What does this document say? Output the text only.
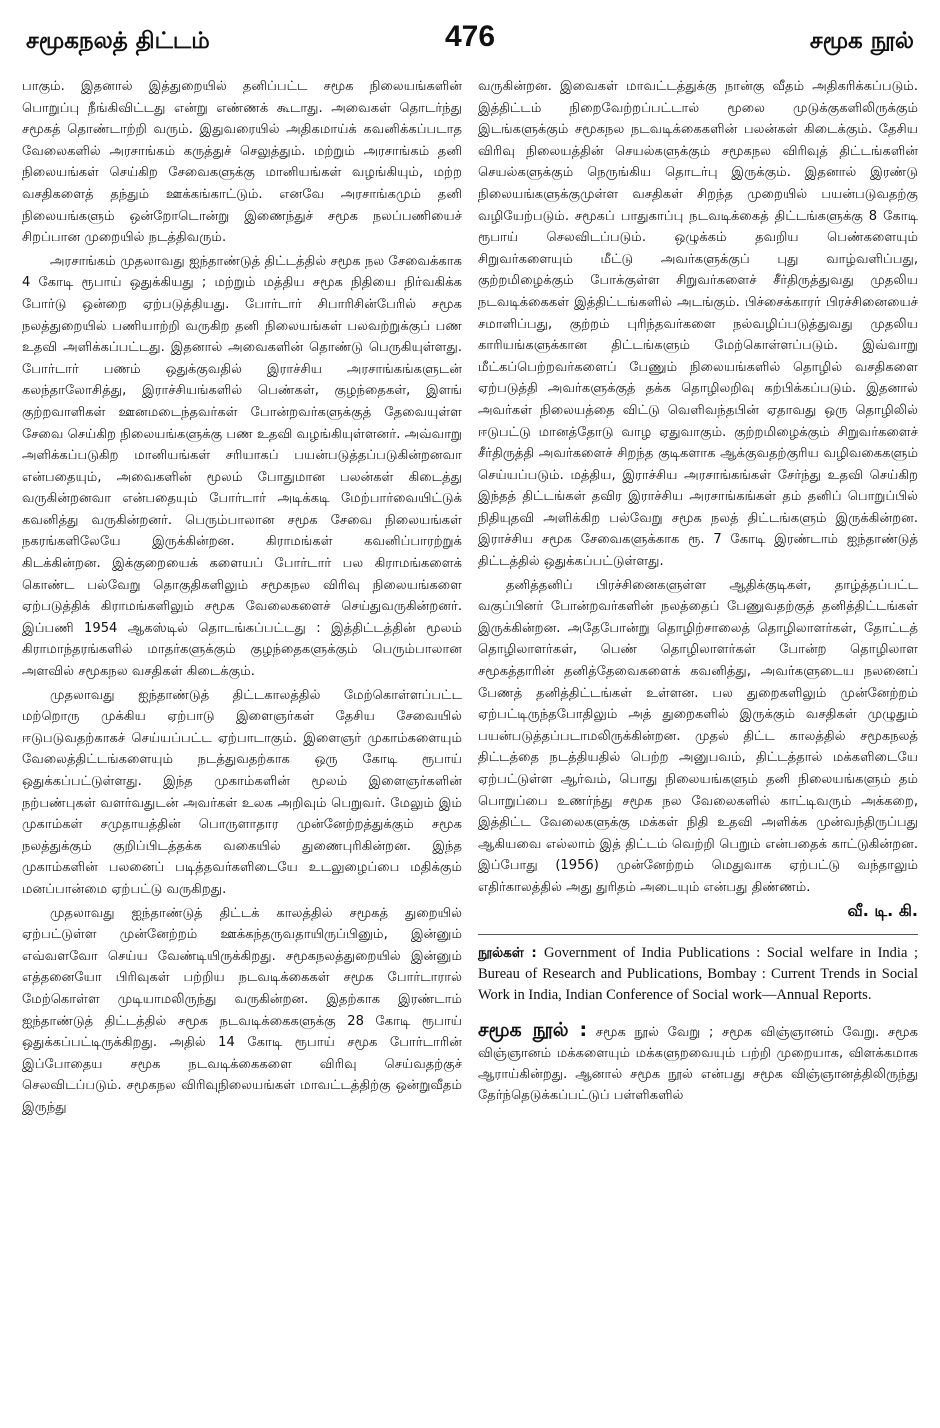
சமூகநலத் திட்டம்	476	சமூக நூல்

பாகும். இதனால் இத்துறையில் தனிப்பட்ட சமூக நிலையங்களின் பொறுப்பு நீங்கிவிட்டது என்று எண்ணக் கூடாது. அவைகள் தொடர்ந்து சமூகத் தொண்டாற்றி வரும். இதுவரையில் அதிகமாய்க் கவனிக்கப்படாத வேலைகளில் அரசாங்கம் கருத்துச் செலுத்தும். மற்றும் அரசாங்கம் தனி நிலையங்கள் செய்கிற சேவைகளுக்கு மானியங்கள் வழங்கியும், மற்ற வசதிகளைத் தந்தும் ஊக்கங்காட்டும். எனவே அரசாங்கமும் தனி நிலையங்களும் ஒன்றோடொன்று இணைந்துச் சமூக நலப்பணியைச் சிறப்பான முறையில் நடத்திவரும்.

அரசாங்கம் முதலாவது ஐந்தாண்டுத் திட்டத்தில் சமூக நல சேவைக்காக 4 கோடி ரூபாய் ஒதுக்கியது ; மற்றும் மத்திய சமூக நிதியை நிர்வகிக்க போர்டு ஒன்றை ஏற்படுத்தியது. போர்டார் சிபாரிசின்பேரில் சமூக நலத்துறையில் பணியாற்றி வருகிற தனி நிலையங்கள் பலவற்றுக்குப் பண உதவி அளிக்கப்பட்டது. இதனால் அவைகளின் தொண்டு பெருகியுள்ளது. போர்டார் பணம் ஒதுக்குவதில் இராச்சிய அரசாங்கங்களுடன் கலந்தாலோசித்து, இராச்சியங்களில் பெண்கள், குழந்தைகள், இளங் குற்றவாளிகள் ஊனமடைந்தவர்கள் போன்றவர்களுக்குத் தேவையுள்ள சேவை செய்கிற நிலையங்களுக்கு பண உதவி வழங்கியுள்ளனர். அவ்வாறு அளிக்கப்படுகிற மானியங்கள் சரியாகப் பயன்படுத்தப்படுகின்றனவா என்பதையும், அவைகளின் மூலம் போதுமான பலன்கள் கிடைத்து வருகின்றனவா என்பதையும் போர்டார் அடிக்கடி மேற்பார்வையிட்டுக் கவனித்து வருகின்றனர். பெரும்பாலான சமூக சேவை நிலையங்கள் நகரங்களிலேயே இருக்கின்றன. கிராமங்கள் கவனிப்பாரற்றுக் கிடக்கின்றன. இக்குறையைக் களையப் போர்டார் பல கிராமங்களைக் கொண்ட பல்வேறு தொகுதிகளிலும் சமூகநல விரிவு நிலையங்களை ஏற்படுத்திக் கிராமங்களிலும் சமூக வேலைகளைச் செய்துவருகின்றனர். இப்பணி 1954 ஆகஸ்டில் தொடங்கப்பட்டது : இத்திட்டத்தின் மூலம் கிராமாந்தரங்களில் மாதர்களுக்கும் குழந்தைகளுக்கும் பெரும்பாலான அளவில் சமூகநல வசதிகள் கிடைக்கும்.

முதலாவது ஐந்தாண்டுத் திட்டகாலத்தில் மேற்கொள்ளப்பட்ட மற்றொரு முக்கிய ஏற்பாடு இளைஞர்கள் தேசிய சேவையில் ஈடுபடுவதற்காகச் செய்யப்பட்ட ஏற்பாடாகும். இளைஞர் முகாம்களையும் வேலைத்திட்டங்களையும் நடத்துவதற்காக ஒரு கோடி ரூபாய் ஒதுக்கப்பட்டுள்ளது. இந்த முகாம்களின் மூலம் இளைஞர்களின் நற்பண்புகள் வளர்வதுடன் அவர்கள் உலக அறிவும் பெறுவர். மேலும் இம் முகாம்கள் சமுதாயத்தின் பொருளாதார முன்னேற்றத்துக்கும் சமூக நலத்துக்கும் குறிப்பிடத்தக்க வகையில் துணைபுரிகின்றன. இந்த முகாம்களின் பலனைப் படித்தவர்களிடையே உடலுழைப்பை மதிக்கும் மனப்பான்மை ஏற்பட்டு வருகிறது.

முதலாவது ஐந்தாண்டுத் திட்டக் காலத்தில் சமூகத் துறையில் ஏற்பட்டுள்ள முன்னேற்றம் ஊக்கந்தருவதாயிருப்பினும், இன்னும் எவ்வளவோ செய்ய வேண்டியிருக்கிறது. சமூகநலத்துறையில் இன்னும் எத்தனையோ பிரிவுகள் பற்றிய நடவடிக்கைகள் சமூக போர்டாரால் மேற்கொள்ள முடியாமலிருந்து வருகின்றன. இதற்காக இரண்டாம் ஐந்தாண்டுத் திட்டத்தில் சமூக நடவடிக்கைகளுக்கு 28 கோடி ரூபாய் ஒதுக்கப்பட்டிருக்கிறது. அதில் 14 கோடி ரூபாய் சமூக போர்டாரின் இப்போதைய சமூக நடவடிக்கைகளை விரிவு செய்வதற்குச் செலவிடப்படும். சமூகநல விரிவுநிலையங்கள் மாவட்டத்திற்கு ஒன்றுவீதம் இருந்து

வருகின்றன. இவைகள் மாவட்டத்துக்கு நான்கு வீதம் அதிகரிக்கப்படும். இத்திட்டம் நிறைவேற்றப்பட்டால் மூலை முடுக்குகளிலிருக்கும் இடங்களுக்கும் சமூகநல நடவடிக்கைகளின் பலன்கள் கிடைக்கும். தேசிய விரிவு நிலையத்தின் செயல்களுக்கும் சமூகநல விரிவுத் திட்டங்களின் செயல்களுக்கும் நெருங்கிய தொடர்பு இருக்கும். இதனால் இரண்டு நிலையங்களுக்குமுள்ள வசதிகள் சிறந்த முறையில் பயன்படுவதற்கு வழியேற்படும். சமூகப் பாதுகாப்பு நடவடிக்கைத் திட்டங்களுக்கு 8 கோடி ரூபாய் செலவிடப்படும். ஒழுக்கம் தவறிய பெண்களையும் சிறுவர்களையும் மீட்டு அவர்களுக்குப் புது வாழ்வளிப்பது, குற்றமிழைக்கும் போக்குள்ள சிறுவர்களைச் சீர்திருத்துவது முதலிய நடவடிக்கைகள் இத்திட்டங்களில் அடங்கும். பிச்சைக்காரர் பிரச்சினையைச் சமாளிப்பது, குற்றம் புரிந்தவர்களை நல்வழிப்படுத்துவது முதலிய காரியங்களுக்கான திட்டங்களும் மேற்கொள்ளப்படும். இவ்வாறு மீட்கப்பெற்றவர்களைப் பேணும் நிலையங்களில் தொழில் வசதிகளை ஏற்படுத்தி அவர்களுக்குத் தக்க தொழிலறிவு கற்பிக்கப்படும். இதனால் அவர்கள் நிலையத்தை விட்டு வெளிவந்தபின் ஏதாவது ஒரு தொழிலில் ஈடுபட்டு மானத்தோடு வாழ ஏதுவாகும். குற்றமிழைக்கும் சிறுவர்களைச் சீர்திருத்தி அவர்களைச் சிறந்த குடிகளாக ஆக்குவதற்குரிய வழிவகைகளும் செய்யப்படும். மத்திய, இராச்சிய அரசாங்கங்கள் சேர்ந்து உதவி செய்கிற இந்தத் திட்டங்கள் தவிர இராச்சிய அரசாங்கங்கள் தம் தனிப் பொறுப்பில் நிதியுதவி அளிக்கிற பல்வேறு சமூக நலத் திட்டங்களும் இருக்கின்றன. இராச்சிய சமூக சேவைகளுக்காக ரூ. 7 கோடி இரண்டாம் ஐந்தாண்டுத் திட்டத்தில் ஒதுக்கப்பட்டுள்ளது.

தனித்தனிப் பிரச்சினைகளுள்ள ஆதிக்குடிகள், தாழ்த்தப்பட்ட வகுப்பினர் போன்றவர்களின் நலத்தைப் பேணுவதற்குத் தனித்திட்டங்கள் இருக்கின்றன. அதேபோன்று தொழிற்சாலைத் தொழிலாளர்கள், தோட்டத் தொழிலாளர்கள், பெண் தொழிலாளர்கள் போன்ற தொழிலாள சமூகத்தாரின் தனித்தேவைகளைக் கவனித்து, அவர்களுடைய நலனைப் பேணத் தனித்திட்டங்கள் உள்ளன. பல துறைகளிலும் முன்னேற்றம் ஏற்பட்டிருந்தபோதிலும் அத் துறைகளில் இருக்கும் வசதிகள் முழுதும் பயன்படுத்தப்படாமலிருக்கின்றன. முதல் திட்ட காலத்தில் சமூகநலத் திட்டத்தை நடத்தியதில் பெற்ற அனுபவம், திட்டத்தால் மக்களிடையே ஏற்பட்டுள்ள ஆர்வம், பொது நிலையங்களும் தனி நிலையங்களும் தம் பொறுப்பை உணர்ந்து சமூக நல வேலைகளில் காட்டிவரும் அக்கறை, இத்திட்ட வேலைகளுக்கு மக்கள் நிதி உதவி அளிக்க முன்வந்திருப்பது ஆகியவை எல்லாம் இத் திட்டம் வெற்றி பெறும் என்பதைக் காட்டுகின்றன. இப்போது (1956) முன்னேற்றம் மெதுவாக ஏற்பட்டு வந்தாலும் எதிர்காலத்தில் அது துரிதம் அடையும் என்பது திண்ணம்.

வீ. டி. கி.
நூல்கள் : Government of India Publications : Social welfare in India ; Bureau of Research and Publications, Bombay : Current Trends in Social Work in India, Indian Conference of Social work—Annual Reports.
சமூக நூல் : சமூக நூல் வேறு ; சமூக விஞ்ஞானம் வேறு. சமூக விஞ்ஞானம் மக்களையும் மக்களுறவையும் பற்றி முறையாக, விளக்கமாக ஆராய்கின்றது. ஆனால் சமூக நூல் என்பது சமூக விஞ்ஞானத்திலிருந்து தேர்ந்தெடுக்கப்பட்டுப் பள்ளிகளில்
